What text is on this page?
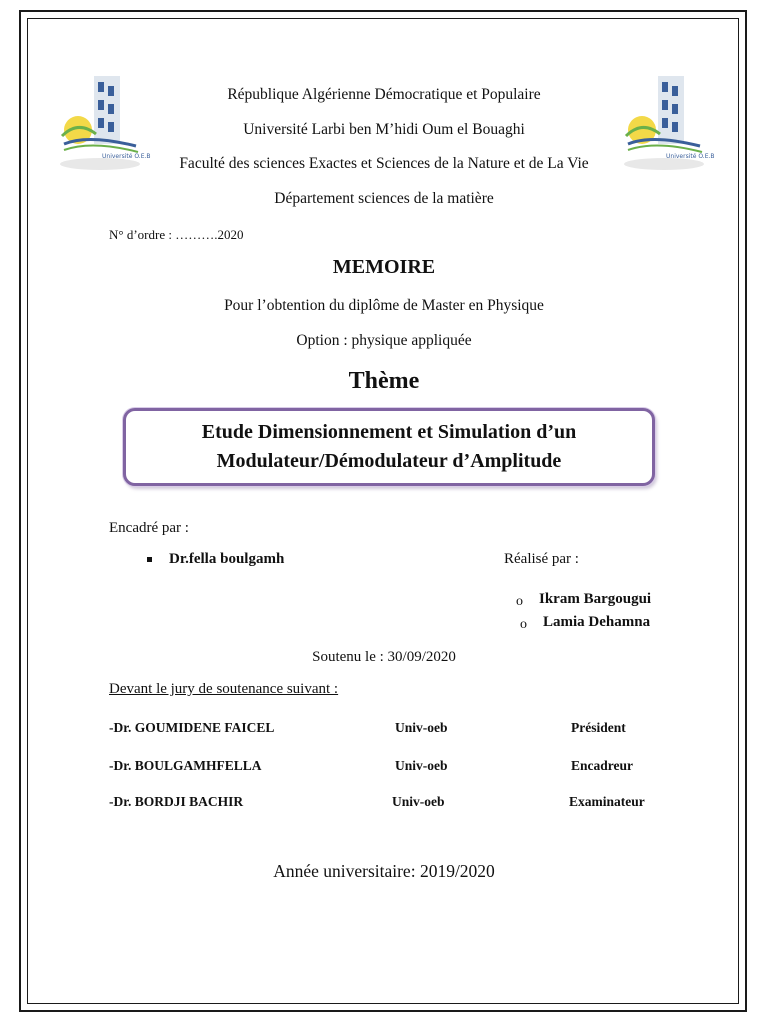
Université O.E.B	Université O.E.B
République Algérienne Démocratique et Populaire
Université Larbi ben M’hidi Oum el Bouaghi
Faculté des sciences Exactes et Sciences de la Nature et de La Vie
Département sciences de la matière
N° d’ordre : ……….2020
MEMOIRE
Pour l’obtention du diplôme de Master en Physique
Option : physique appliquée
Thème
Etude Dimensionnement et Simulation d’un
Modulateur/Démodulateur d’Amplitude
Encadré par :
Dr.fella boulgamh	Réalisé par :
o Ikram Bargougui
o Lamia Dehamna
Soutenu le : 30/09/2020
Devant le jury de soutenance suivant :
-Dr. GOUMIDENE FAICEL	Univ-oeb	Président
-Dr. BOULGAMHFELLA	Univ-oeb	Encadreur
-Dr. BORDJI BACHIR	Univ-oeb	Examinateur
Année universitaire: 2019/2020
